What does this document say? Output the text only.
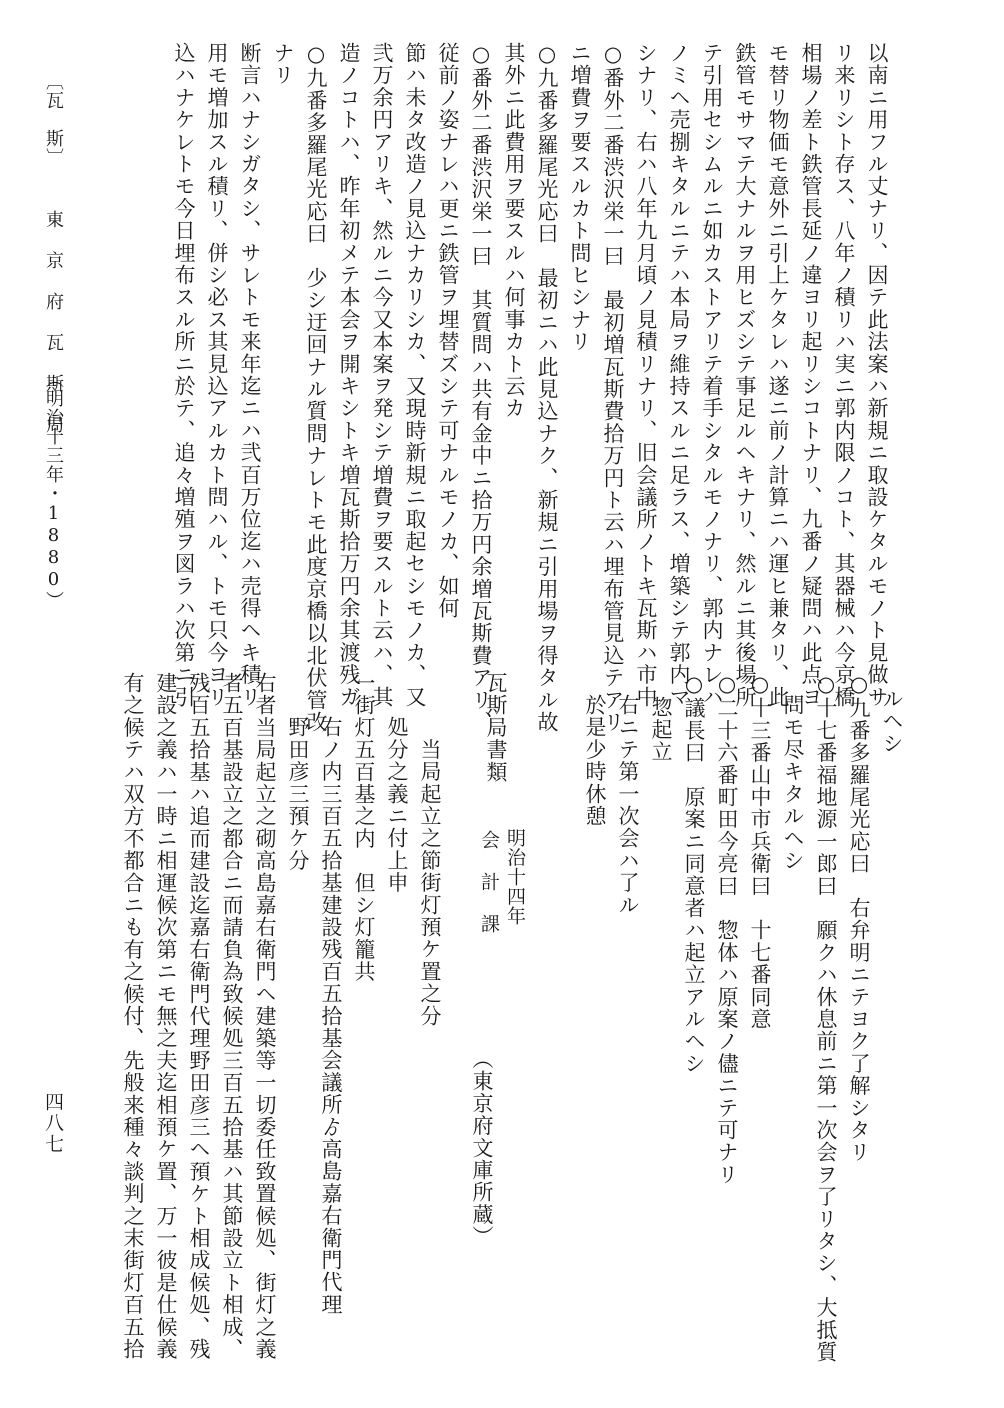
込ハナケレトモ今日埋布スル所ニ於テ、追々増殖ヲ図ラハ次第ニ引 用モ増加スル積リ、併シ必ス其見込アルカト問ハル、トモ只今ヨリ 断言ハナシガタシ、サレトモ来年迄ニハ弐百万位迄ハ売得ヘキ積リ ナリ ○九番多羅尾光応曰　少シ迂回ナル質問ナレトモ此度京橋以北伏管改 造ノコトハ、昨年初メテ本会ヲ開キシトキ増瓦斯拾万円余其渡残ガ 弐万余円アリキ、然ルニ今又本案ヲ発シテ増費ヲ要スルト云ハ、其 節ハ未タ改造ノ見込ナカリシカ、又現時新規ニ取起セシモノカ、又 従前ノ姿ナレハ更ニ鉄管ヲ埋替ズシテ可ナルモノカ、如何 ○番外二番渋沢栄一曰　其質問ハ共有金中ニ拾万円余増瓦斯費アリ、 其外ニ此費用ヲ要スルハ何事カト云カ ○九番多羅尾光応曰　最初ニハ此見込ナク、新規ニ引用場ヲ得タル故 ニ増費ヲ要スルカト問ヒシナリ ○番外二番渋沢栄一曰　最初増瓦斯費拾万円ト云ハ埋布管見込テアリ シナリ、右ハ八年九月頃ノ見積リナリ、旧会議所ノトキ瓦斯ハ市中 ノミヘ売捌キタルニテハ本局ヲ維持スルニ足ラス、増築シテ郭内マ テ引用セシムルニ如カストアリテ着手シタルモノナリ、郭内ナレハ 鉄管モサマテ大ナルヲ用ヒズシテ事足ルヘキナリ、然ルニ其後場所 モ替リ物価モ意外ニ引上ケタレハ遂ニ前ノ計算ニハ運ヒ兼タリ、此 相場ノ差ト鉄管長延ノ違ヨリ起リシコトナリ、九番ノ疑問ハ此点ヨ リ来リシト存ス、八年ノ積リハ実ニ郭内限ノコト、其器械ハ今京橋 以南ニ用フル丈ナリ、因テ此法案ハ新規ニ取設ケタルモノト見做サ
ルヘシ
○九番多羅尾光応曰　右弁明ニテヨク了解シタリ
○十七番福地源一郎曰　願クハ休息前ニ第一次会ヲ了リタシ、大抵質
問モ尽キタルヘシ
○十三番山中市兵衛曰　十七番同意
○二十六番町田今亮曰　惣体ハ原案ノ儘ニテ可ナリ
○議長曰　原案ニ同意者ハ起立アルヘシ
　惣起立
右ニテ第一次会ハ了ル
於是少時休憩
瓦斯局書類
　　当局起立之節街灯預ケ置之分
　処分之義ニ付上申
一街灯五百基之内　但シ灯籠共
　右ノ内三百五拾基建設残百五拾基会議所ゟ高島嘉右衛門代理
　野田彦三預ケ分
右者当局起立之砌高島嘉右衛門ヘ建築等一切委任致置候処、街灯之義
者五百基設立之都合ニ而請負為致候処三百五拾基ハ其節設立ト相成、
残百五拾基ハ追而建設迄嘉右衛門代理野田彦三ヘ預ケト相成候処、残
建設之義ハ一時ニ相運候次第ニモ無之夫迄相預ケ置、万一彼是仕候義
有之候テハ双方不都合ニも有之候付、先般来種々談判之末街灯百五拾	明治十四年
会 計 課
（東京府文庫所蔵）
〔瓦　斯〕
東 京 府 瓦 斯 局
（明治十三年・1880）
四八七
